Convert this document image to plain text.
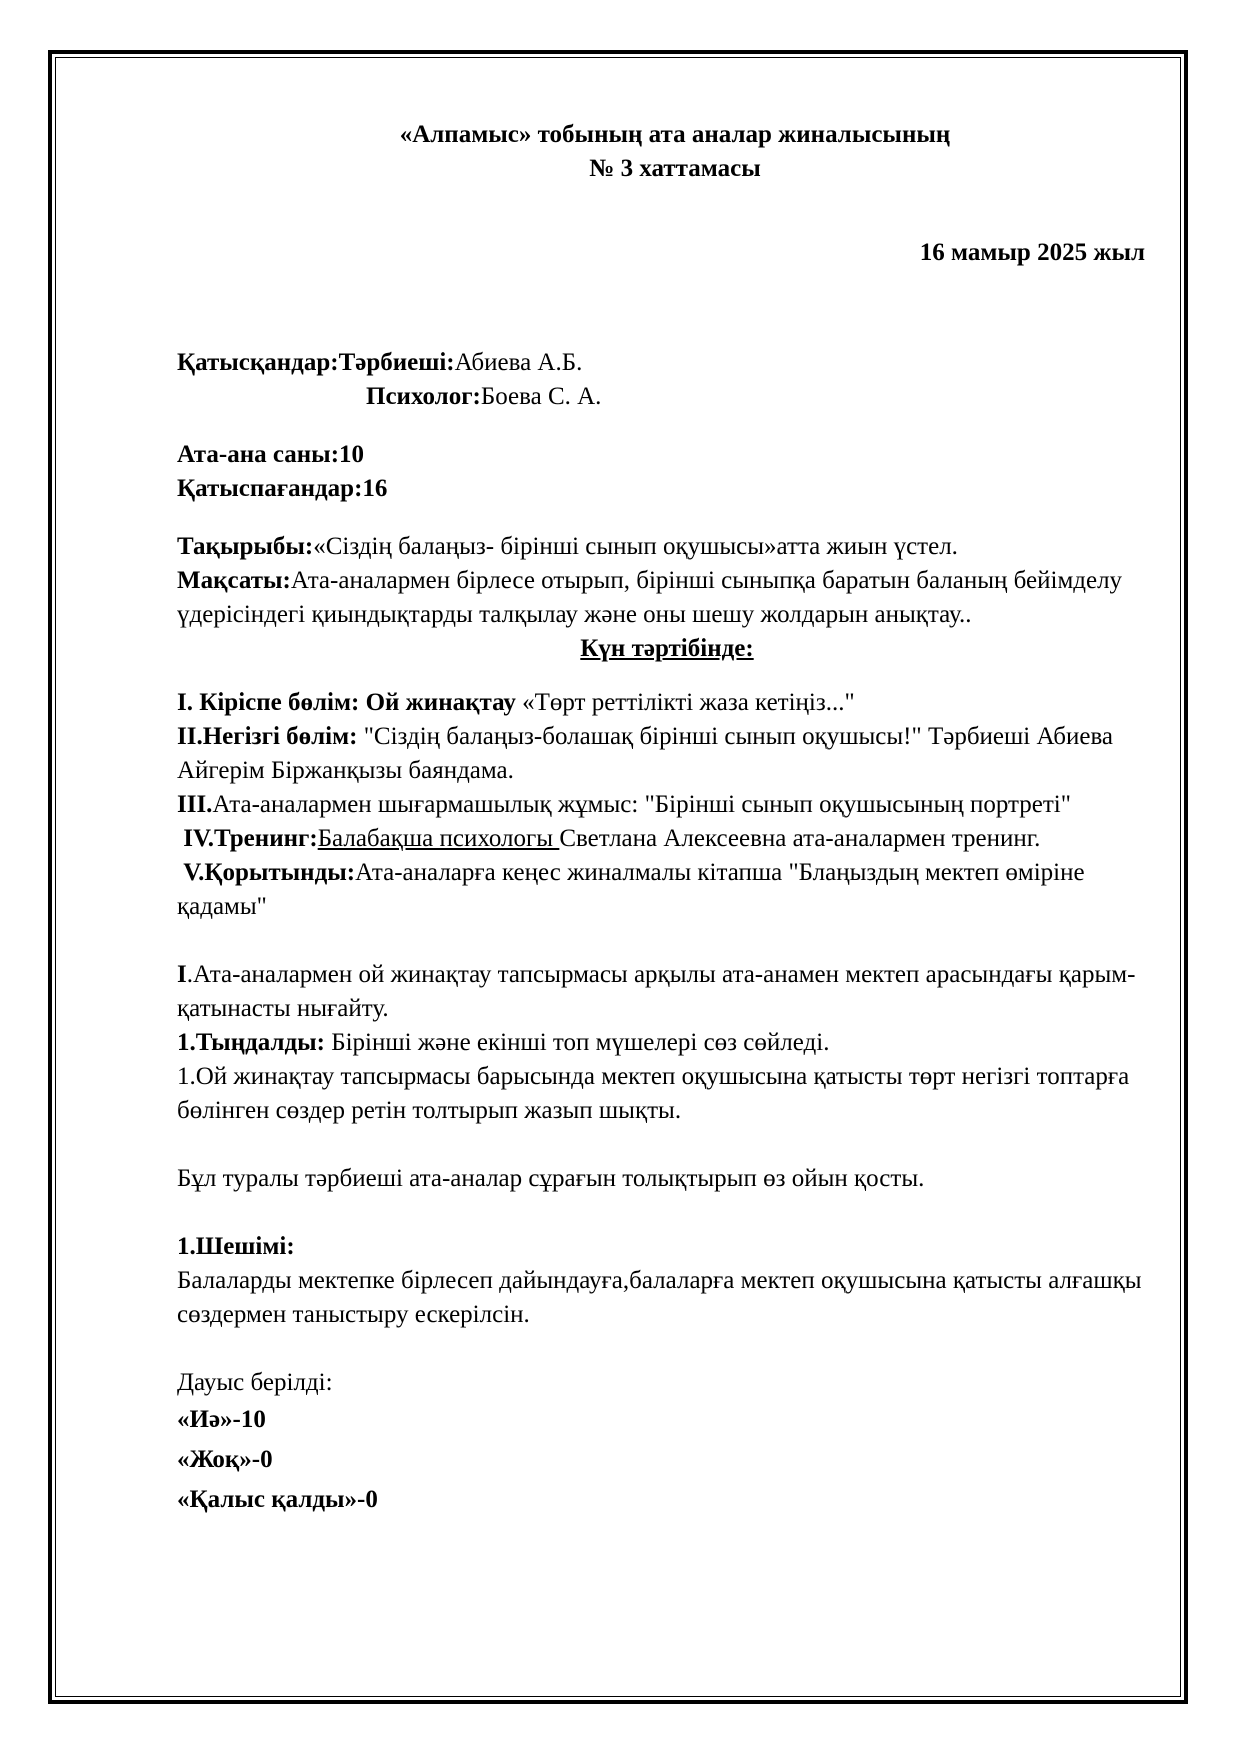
«Алпамыс» тобының ата аналар жиналысының

№ 3 хаттамасы

16 мамыр 2025 жыл

Қатысқандар:Тәрбиеші:Абиева А.Б.

Психолог:Боева С. А.

Ата-ана саны:10

Қатыспағандар:16

Тақырыбы:«Сіздің балаңыз- бірінші сынып оқушысы»атта жиын үстел.

Мақсаты:Ата-аналармен бірлесе отырып, бірінші сыныпқа баратын баланың бейімделу үдерісіндегі қиындықтарды талқылау және оны шешу жолдарын анықтау..

Күн тәртібінде:

І. Кіріспе бөлім: Ой жинақтау «Төрт реттілікті жаза кетіңіз..."

ІІ.Негізгі бөлім: "Сіздің балаңыз-болашақ бірінші сынып оқушысы!" Тәрбиеші Абиева Айгерім Біржанқызы баяндама.

ІІІ.Ата-аналармен шығармашылық жұмыс: "Бірінші сынып оқушысының портреті"

IV.Тренинг:Балабақша психологы Светлана Алексеевна ата-аналармен тренинг.

V.Қорытынды:Ата-аналарға кеңес жиналмалы кітапша "Блаңыздың мектеп өміріне қадамы"

І.Ата-аналармен ой жинақтау тапсырмасы арқылы ата-анамен мектеп арасындағы қарым-қатынасты нығайту.

1.Тыңдалды: Бірінші және екінші топ мүшелері сөз сөйледі.

1.Ой жинақтау тапсырмасы барысында мектеп оқушысына қатысты төрт негізгі топтарға бөлінген сөздер ретін толтырып жазып шықты.

Бұл туралы тәрбиеші ата-аналар сұрағын толықтырып өз ойын қосты.

1.Шешімі:

Балаларды мектепке бірлесеп дайындауға,балаларға мектеп оқушысына қатысты алғашқы сөздермен таныстыру ескерілсін.

Дауыс берілді:

«Иә»-10

«Жоқ»-0

«Қалыс қалды»-0
